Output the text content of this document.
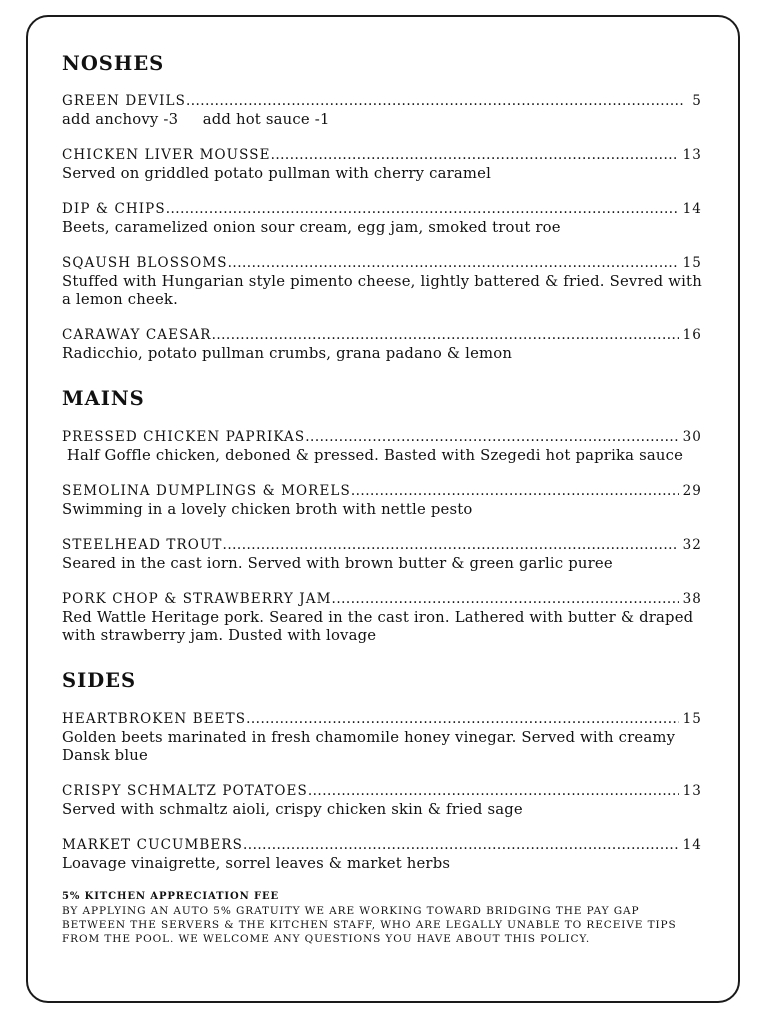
NOSHES
GREEN DEVILS .....	5

add anchovy -3     add hot sauce -1

CHICKEN LIVER MOUSSE .....	13

Served on griddled potato pullman with cherry caramel

DIP & CHIPS .....	14

Beets, caramelized onion sour cream, egg jam, smoked trout roe

SQAUSH BLOSSOMS .....	15

Stuffed with Hungarian style pimento cheese, lightly battered & fried. Sevred with a lemon cheek.

CARAWAY CAESAR .....	16

Radicchio, potato pullman crumbs, grana padano & lemon

MAINS
PRESSED CHICKEN PAPRIKAS .....	30

Half Goffle chicken, deboned & pressed. Basted with Szegedi hot paprika sauce

SEMOLINA DUMPLINGS & MORELS .....	29

Swimming in a lovely chicken broth with nettle pesto

STEELHEAD TROUT .....	32

Seared in the cast iorn. Served with brown butter & green garlic puree

PORK CHOP & STRAWBERRY JAM .....	38

Red Wattle Heritage pork. Seared in the cast iron. Lathered with butter & draped with strawberry jam. Dusted with lovage

SIDES
HEARTBROKEN BEETS .....	15

Golden beets marinated in fresh chamomile honey vinegar. Served with creamy Dansk blue

CRISPY SCHMALTZ POTATOES .....	13

Served with schmaltz aioli, crispy chicken skin & fried sage

MARKET CUCUMBERS .....	14

Loavage vinaigrette, sorrel leaves & market herbs

5% KITCHEN APPRECIATION FEE
BY APPLYING AN AUTO 5% GRATUITY WE ARE WORKING TOWARD BRIDGING THE PAY GAP BETWEEN THE SERVERS & THE KITCHEN STAFF, WHO ARE LEGALLY UNABLE TO RECEIVE TIPS FROM THE POOL. WE WELCOME ANY QUESTIONS YOU HAVE ABOUT THIS POLICY.
